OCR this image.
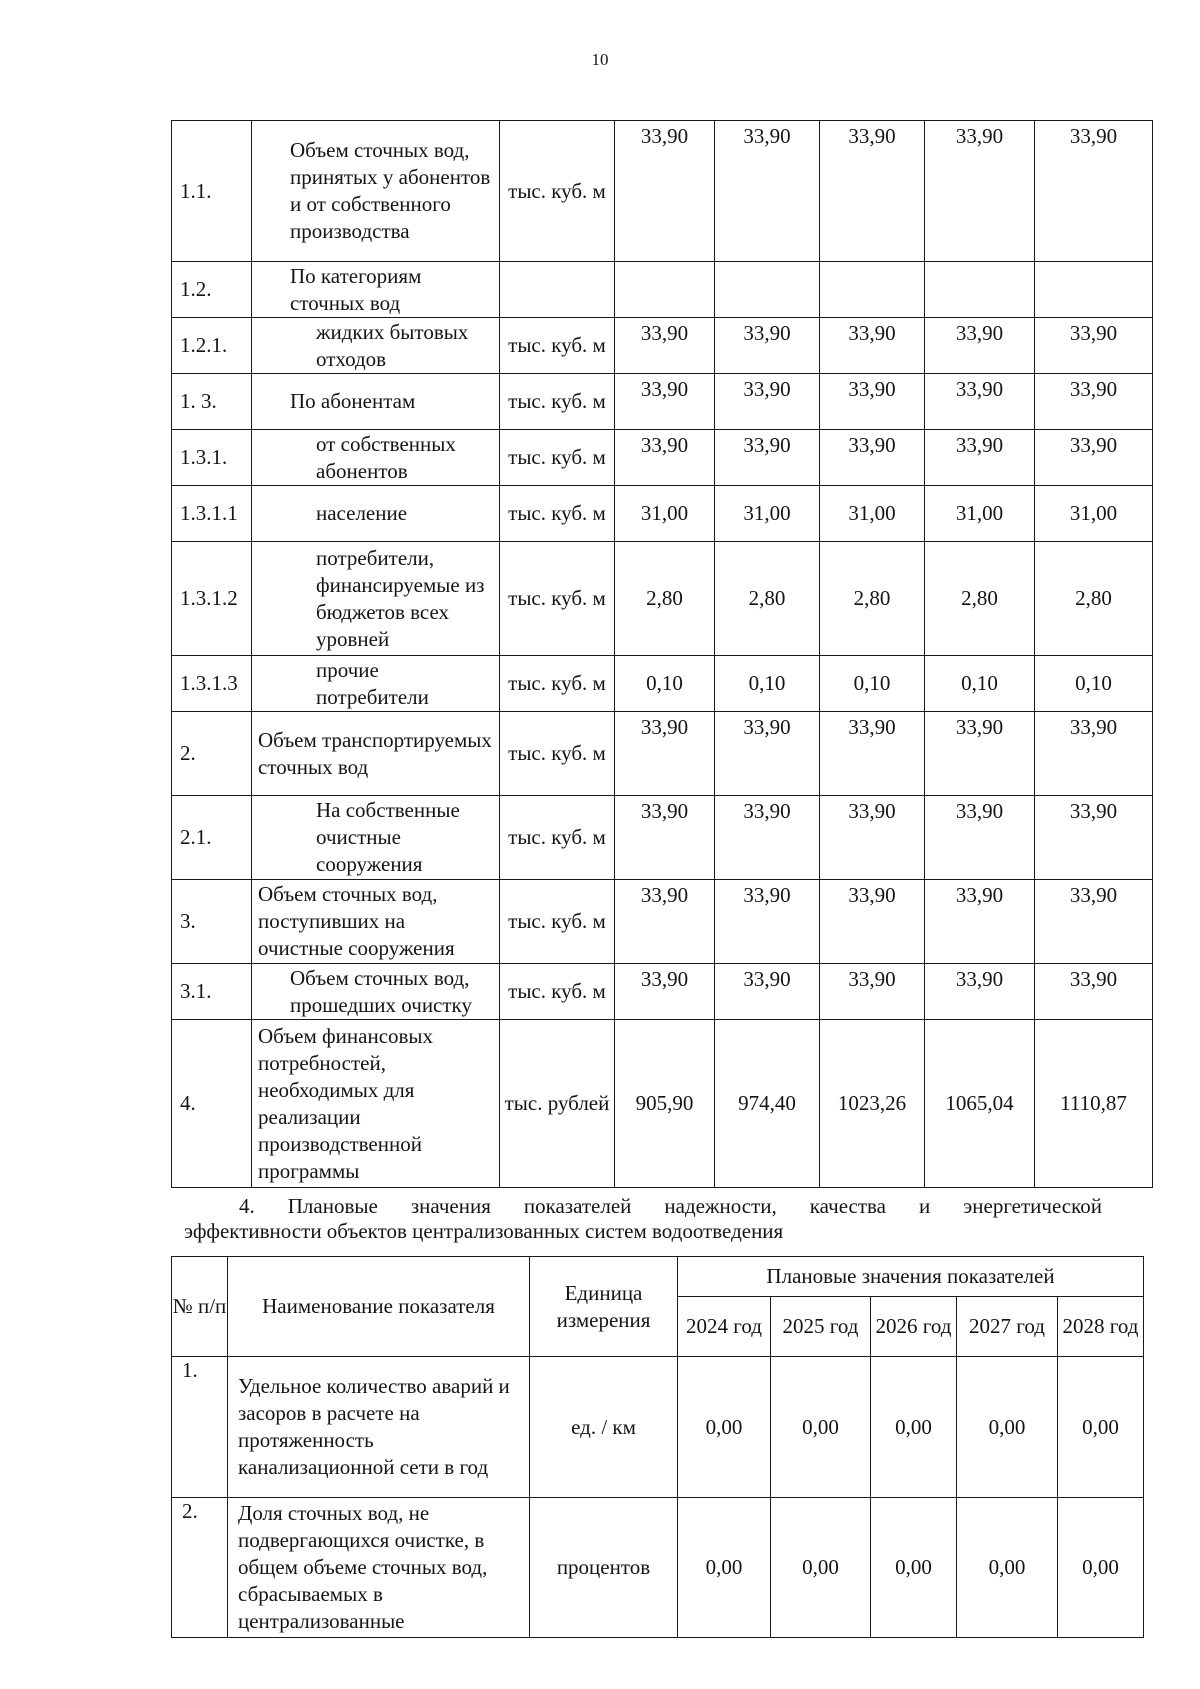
10
1.1.	Объем сточных вод, принятых у абонентов и от собственного производства	тыс. куб. м	33,90	33,90	33,90	33,90	33,90
1.2.	По категориям сточных вод						
1.2.1.	жидких бытовых отходов	тыс. куб. м	33,90	33,90	33,90	33,90	33,90
1. 3.	По абонентам	тыс. куб. м	33,90	33,90	33,90	33,90	33,90
1.3.1.	от собственных абонентов	тыс. куб. м	33,90	33,90	33,90	33,90	33,90
1.3.1.1	население	тыс. куб. м	31,00	31,00	31,00	31,00	31,00
1.3.1.2	потребители, финансируемые из бюджетов всех уровней	тыс. куб. м	2,80	2,80	2,80	2,80	2,80
1.3.1.3	прочие потребители	тыс. куб. м	0,10	0,10	0,10	0,10	0,10
2.	Объем транспортируемых сточных вод	тыс. куб. м	33,90	33,90	33,90	33,90	33,90
2.1.	На собственные очистные сооружения	тыс. куб. м	33,90	33,90	33,90	33,90	33,90
3.	Объем сточных вод, поступивших на очистные сооружения	тыс. куб. м	33,90	33,90	33,90	33,90	33,90
3.1.	Объем сточных вод, прошедших очистку	тыс. куб. м	33,90	33,90	33,90	33,90	33,90
4.	Объем финансовых потребностей, необходимых для реализации производственной программы	тыс. рублей	905,90	974,40	1023,26	1065,04	1110,87
4. Плановые значения показателей надежности, качества и энергетической
эффективности объектов централизованных систем водоотведения
№ п/п	Наименование показателя	Единица измерения	Плановые значения показателей				
			2024 год	2025 год	2026 год	2027 год	2028 год
1.	Удельное количество аварий и засоров в расчете на протяженность канализационной сети в год	ед. / км	0,00	0,00	0,00	0,00	0,00
2.	Доля сточных вод, не подвергающихся очистке, в общем объеме сточных вод, сбрасываемых в централизованные	процентов	0,00	0,00	0,00	0,00	0,00
